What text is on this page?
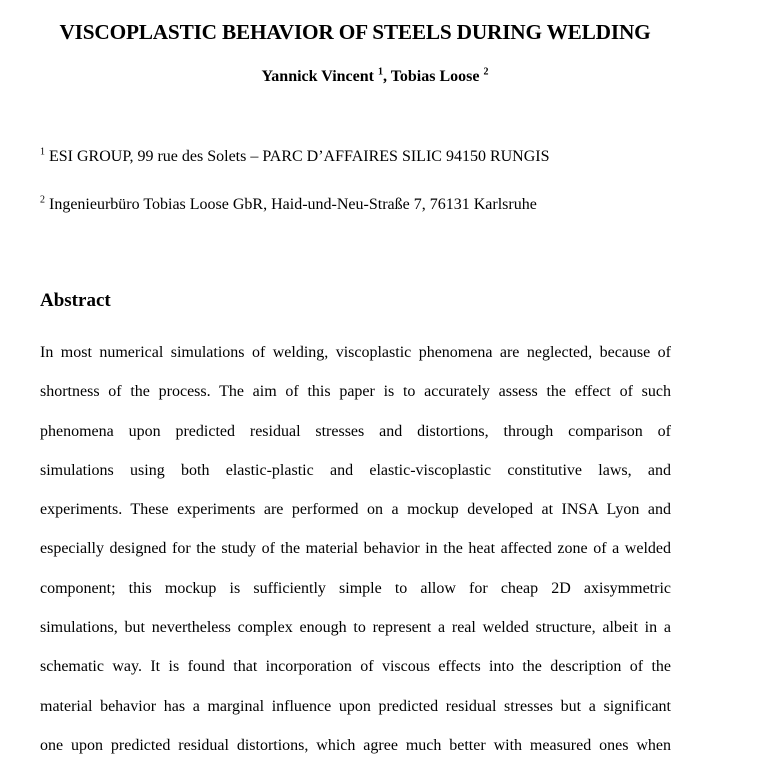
VISCOPLASTIC BEHAVIOR OF STEELS DURING WELDING
Yannick Vincent $^1$, Tobias Loose $^2$
$^1$ ESI GROUP, 99 rue des Solets – PARC D’AFFAIRES SILIC 94150 RUNGIS
$^2$ Ingenieurbüro Tobias Loose GbR, Haid-und-Neu-Straße 7, 76131 Karlsruhe
Abstract
In most numerical simulations of welding, viscoplastic phenomena are neglected, because of
shortness of the process. The aim of this paper is to accurately assess the effect of such
phenomena upon predicted residual stresses and distortions, through comparison of
simulations using both elastic-plastic and elastic-viscoplastic constitutive laws, and
experiments. These experiments are performed on a mockup developed at INSA Lyon and
especially designed for the study of the material behavior in the heat affected zone of a welded
component; this mockup is sufficiently simple to allow for cheap 2D axisymmetric
simulations, but nevertheless complex enough to represent a real welded structure, albeit in a
schematic way. It is found that incorporation of viscous effects into the description of the
material behavior has a marginal influence upon predicted residual stresses but a significant
one upon predicted residual distortions, which agree much better with measured ones when
